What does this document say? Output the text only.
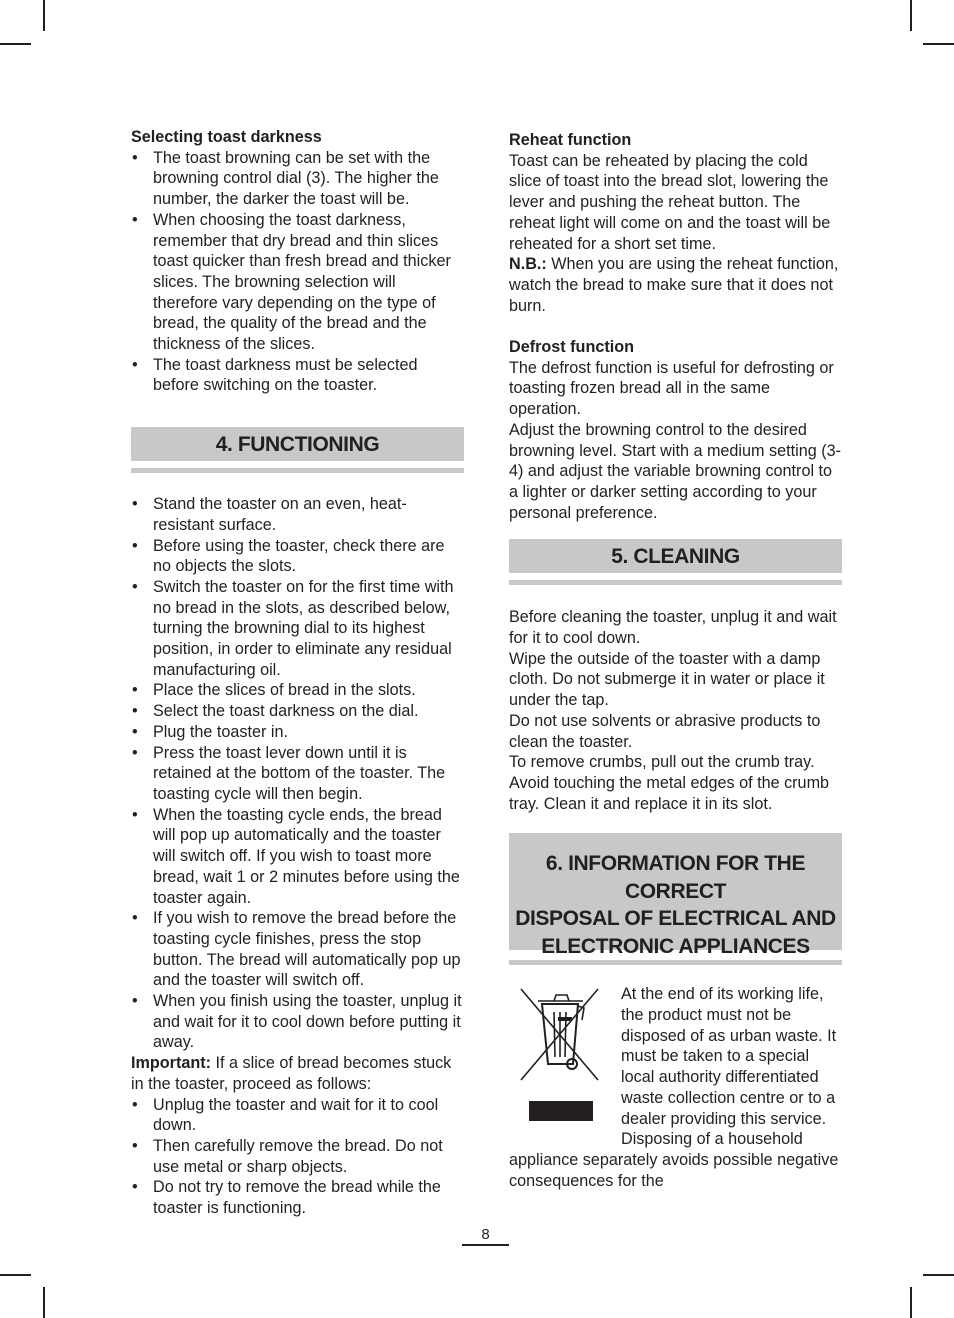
Selecting toast darkness

• The toast browning can be set with the browning control dial (3). The higher the number, the darker the toast will be.
• When choosing the toast darkness, remember that dry bread and thin slices toast quicker than fresh bread and thicker slices. The browning selection will therefore vary depending on the type of bread, the quality of the bread and the thickness of the slices.
• The toast darkness must be selected before switching on the toaster.
4. FUNCTIONING
• Stand the toaster on an even, heat-resistant surface.
• Before using the toaster, check there are no objects the slots.
• Switch the toaster on for the first time with no bread in the slots, as described below, turning the browning dial to its highest position, in order to eliminate any residual manufacturing oil.
• Place the slices of bread in the slots.
• Select the toast darkness on the dial.
• Plug the toaster in.
• Press the toast lever down until it is retained at the bottom of the toaster. The toasting cycle will then begin.
• When the toasting cycle ends, the bread will pop up automatically and the toaster will switch off. If you wish to toast more bread, wait 1 or 2 minutes before using the toaster again.
• If you wish to remove the bread before the toasting cycle finishes, press the stop button. The bread will automatically pop up and the toaster will switch off.
• When you finish using the toaster, unplug it and wait for it to cool down before putting it away.

Important: If a slice of bread becomes stuck in the toaster, proceed as follows:

• Unplug the toaster and wait for it to cool down.
• Then carefully remove the bread. Do not use metal or sharp objects.
• Do not try to remove the bread while the toaster is functioning.

Reheat function

Toast can be reheated by placing the cold slice of toast into the bread slot, lowering the lever and pushing the reheat button. The reheat light will come on and the toast will be reheated for a short set time.

N.B.: When you are using the reheat function, watch the bread to make sure that it does not burn.

Defrost function

The defrost function is useful for defrosting or toasting frozen bread all in the same operation.

Adjust the browning control to the desired browning level. Start with a medium setting (3-4) and adjust the variable browning control to a lighter or darker setting according to your personal preference.

5. CLEANING

Before cleaning the toaster, unplug it and wait for it to cool down.

Wipe the outside of the toaster with a damp cloth. Do not submerge it in water or place it under the tap.

Do not use solvents or abrasive products to clean the toaster.

To remove crumbs, pull out the crumb tray. Avoid touching the metal edges of the crumb tray. Clean it and replace it in its slot.

6. INFORMATION FOR THE CORRECT
DISPOSAL OF ELECTRICAL AND
ELECTRONIC APPLIANCES

At the end of its working life, the product must not be disposed of as urban waste. It must be taken to a special local authority differentiated waste collection centre or to a dealer providing this service. Disposing of a household appliance separately avoids possible negative consequences for the

8
